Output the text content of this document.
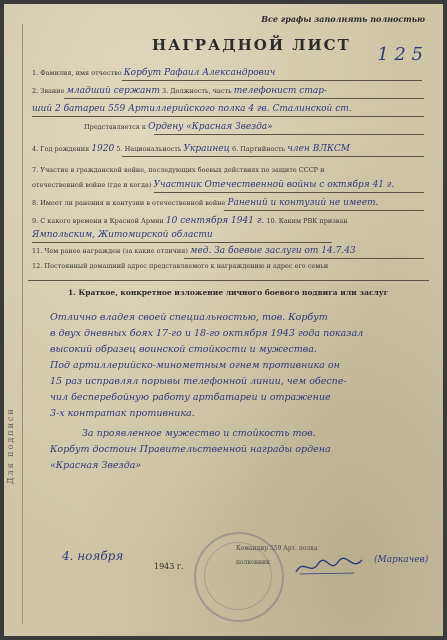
Для подписи
Все графы заполнять полностью
НАГРАДНОЙ ЛИСТ 1 2 5
1. Фамилия, имя отчество Корбут Рафаил Александрович
2. Звание младший сержант 3. Должность, часть телефонист стар-
ший 2 батареи 559 Артиллерийского полка 4 гв. Сталинской ст.
Представляется к Ордену «Красная Звезда»
4. Год рождения 1920 5. Национальность Украинец 6. Партийность член ВЛКСМ
7. Участие в гражданской войне, последующих боевых действиях по защите СССР и
отечественной войне (где и когда) Участник Отечественной войны с октября 41 г.
8. Имеет ли ранения и контузии в отечественной войне Ранений и контузий не имеет.
9. С какого времени в Красной Армии 10 сентября 1941 г. 10. Каким РВК призван
Ямпольским, Житомирской области
11. Чем ранее награжден (за какие отличия) мед. За боевые заслуги от 14.7.43
12. Постоянный домашний адрес представляемого к награждению и адрес его семьи
1. Краткое, конкретное изложение личного боевого подвига или заслуг
Отлично владея своей специальностью, тов. Корбут
в двух дневных боях 17-го и 18-го октября 1943 года показал
высокий образец воинской стойкости и мужества.
Под артиллерийско-минометным огнем противника он
15 раз исправлял порывы телефонной линии, чем обеспе-
чил бесперебойную работу артбатареи и отражение
3-х контратак противника.
За проявленное мужество и стойкость тов.
Корбут достоин Правительственной награды ордена
«Красная Звезда»
4. ноября
1943 г.
Командир 559 Арт. полка
полковник	(Маркачев)
